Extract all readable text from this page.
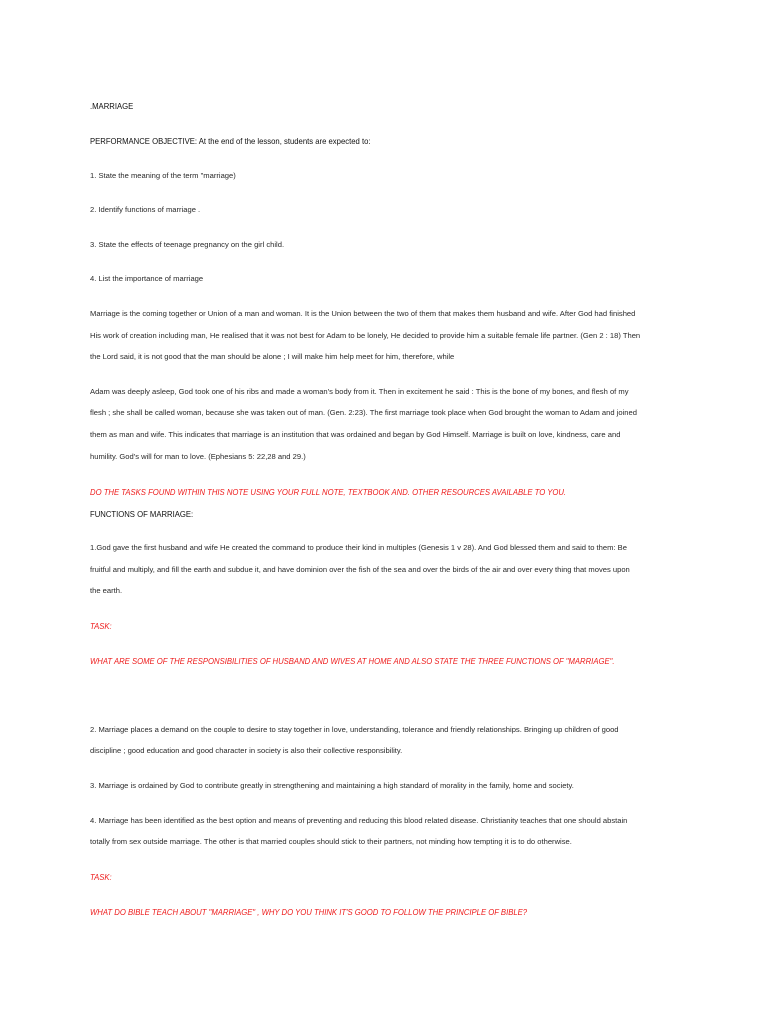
.MARRIAGE
PERFORMANCE OBJECTIVE: At the end of the lesson, students are expected to:
1. State the meaning of the term "marriage)
2. Identify functions of marriage .
3. State the effects of teenage pregnancy on the girl child.
4. List the importance of marriage
Marriage is the coming together or Union of a man and woman. It is the Union between the two of them that makes them husband and wife. After God had finished
His work of creation including man, He realised that it was not best for Adam to be lonely, He decided to provide him a suitable female life partner. (Gen 2 : 18) Then
the Lord said, it is not good that the man should be alone ; I will make him help meet for him, therefore, while
Adam was deeply asleep, God took one of his ribs and made a woman's body from it. Then in excitement he said : This is the bone of my bones, and flesh of my
flesh ; she shall be called woman, because she was taken out of man. (Gen. 2:23). The first marriage took place when God brought the woman to Adam and joined
them as man and wife. This indicates that marriage is an institution that was ordained and began by God Himself. Marriage is built on love, kindness, care and
humility. God's will for man to love. (Ephesians 5: 22,28 and 29.)
DO THE TASKS FOUND WITHIN THIS NOTE USING YOUR FULL NOTE, TEXTBOOK AND. OTHER RESOURCES AVAILABLE TO YOU.
FUNCTIONS OF MARRIAGE:
1.God gave the first husband and wife He created the command to produce their kind in multiples (Genesis 1 v 28). And God blessed them and said to them: Be
fruitful and multiply, and fill the earth and subdue it, and have dominion over the fish of the sea and over the birds of the air and over every thing that moves upon
the earth.
TASK:
WHAT ARE SOME OF THE RESPONSIBILITIES OF HUSBAND AND WIVES AT HOME AND ALSO STATE THE THREE FUNCTIONS OF "MARRIAGE".
2. Marriage places a demand on the couple to desire to stay together in love, understanding, tolerance and friendly relationships. Bringing up children of good
discipline ; good education and good character in society is also their collective responsibility.
3. Marriage is ordained by God to contribute greatly in strengthening and maintaining a high standard of morality in the family, home and society.
4. Marriage has been identified as the best option and means of preventing and reducing this blood related disease. Christianity teaches that one should abstain
totally from sex outside marriage. The other is that married couples should stick to their partners, not minding how tempting it is to do otherwise.
TASK:
WHAT DO BIBLE TEACH ABOUT "MARRIAGE" , WHY DO YOU THINK IT'S GOOD TO FOLLOW THE PRINCIPLE OF BIBLE?
